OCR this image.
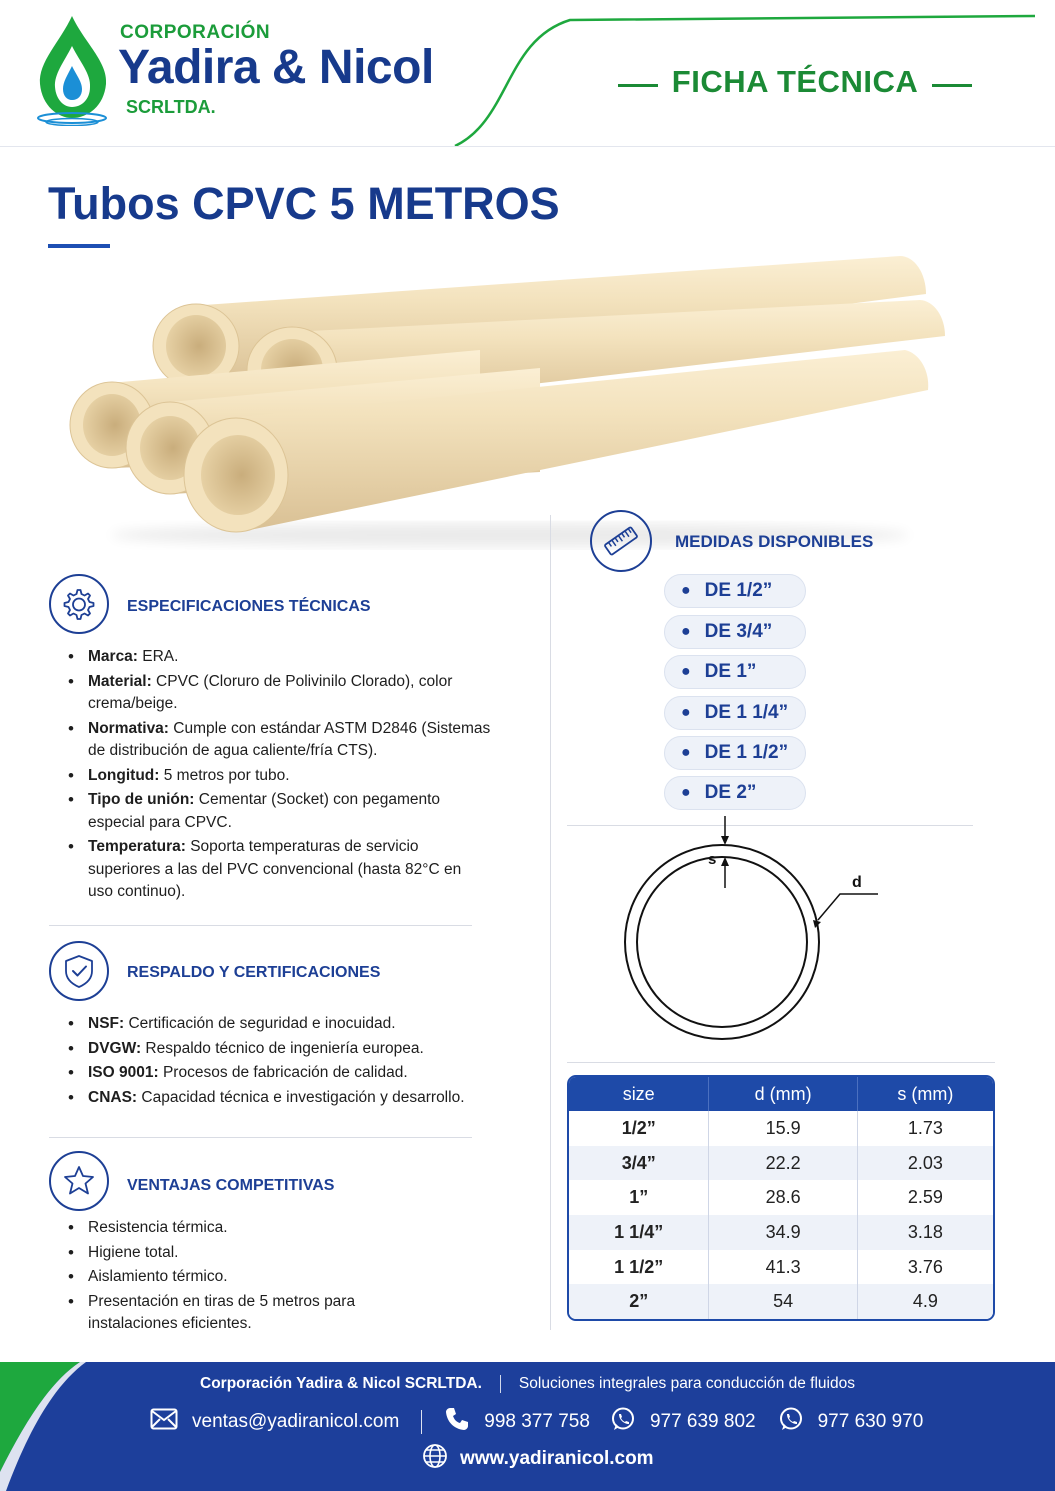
CORPORACIÓN
Yadira & Nicol
SCRLTDA.
FICHA TÉCNICA
Tubos CPVC 5 METROS
ESPECIFICACIONES TÉCNICAS
• Marca: ERA.
• Material: CPVC (Cloruro de Polivinilo Clorado), color crema/beige.
• Normativa: Cumple con estándar ASTM D2846 (Sistemas de distribución de agua caliente/fría CTS).
• Longitud: 5 metros por tubo.
• Tipo de unión: Cementar (Socket) con pegamento especial para CPVC.
• Temperatura: Soporta temperaturas de servicio superiores a las del PVC convencional (hasta 82°C en uso continuo).
RESPALDO Y CERTIFICACIONES
• NSF: Certificación de seguridad e inocuidad.
• DVGW: Respaldo técnico de ingeniería europea.
• ISO 9001: Procesos de fabricación de calidad.
• CNAS: Capacidad técnica e investigación y desarrollo.
VENTAJAS COMPETITIVAS
• Resistencia térmica.
• Higiene total.
• Aislamiento térmico.
• Presentación en tiras de 5 metros para instalaciones eficientes.
MEDIDAS DISPONIBLES
● DE 1/2”
● DE 3/4”
● DE 1”
● DE 1 1/4”
● DE 1 1/2”
● DE 2”
s
d
size	d (mm)	s (mm)
1/2”	15.9	1.73
3/4”	22.2	2.03
1”	28.6	2.59
1 1/4”	34.9	3.18
1 1/2”	41.3	3.76
2”	54	4.9
Corporación Yadira & Nicol SCRLTDA. Soluciones integrales para conducción de fluidos
ventas@yadiranicol.com	998 377 758	977 639 802	977 630 970
www.yadiranicol.com
